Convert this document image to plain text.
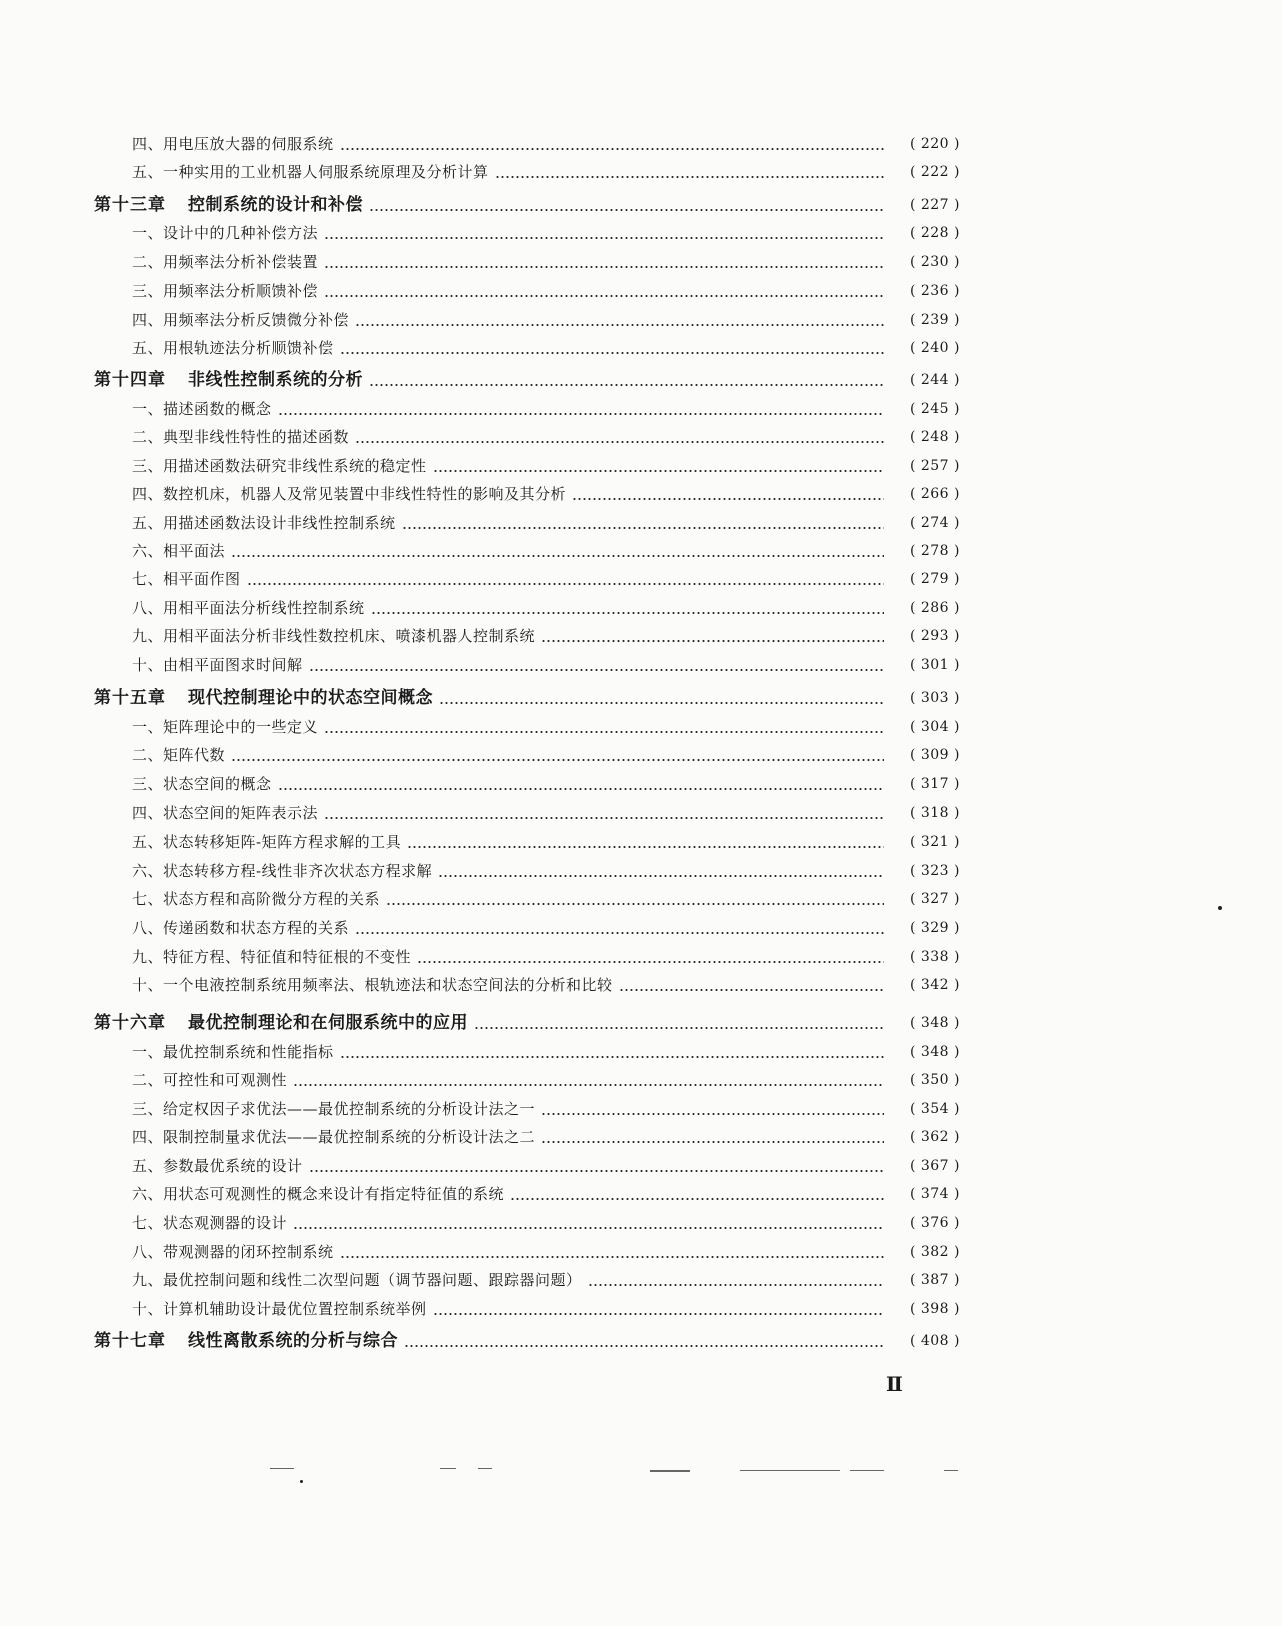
四、用电压放大器的伺服系统	( 220 )
五、一种实用的工业机器人伺服系统原理及分析计算	( 222 )
第十三章 控制系统的设计和补偿	( 227 )
一、设计中的几种补偿方法	( 228 )
二、用频率法分析补偿装置	( 230 )
三、用频率法分析顺馈补偿	( 236 )
四、用频率法分析反馈微分补偿	( 239 )
五、用根轨迹法分析顺馈补偿	( 240 )
第十四章 非线性控制系统的分析	( 244 )
一、描述函数的概念	( 245 )
二、典型非线性特性的描述函数	( 248 )
三、用描述函数法研究非线性系统的稳定性	( 257 )
四、数控机床，机器人及常见装置中非线性特性的影响及其分析	( 266 )
五、用描述函数法设计非线性控制系统	( 274 )
六、相平面法	( 278 )
七、相平面作图	( 279 )
八、用相平面法分析线性控制系统	( 286 )
九、用相平面法分析非线性数控机床、喷漆机器人控制系统	( 293 )
十、由相平面图求时间解	( 301 )
第十五章 现代控制理论中的状态空间概念	( 303 )
一、矩阵理论中的一些定义	( 304 )
二、矩阵代数	( 309 )
三、状态空间的概念	( 317 )
四、状态空间的矩阵表示法	( 318 )
五、状态转移矩阵-矩阵方程求解的工具	( 321 )
六、状态转移方程-线性非齐次状态方程求解	( 323 )
七、状态方程和高阶微分方程的关系	( 327 )
八、传递函数和状态方程的关系	( 329 )
九、特征方程、特征值和特征根的不变性	( 338 )
十、一个电液控制系统用频率法、根轨迹法和状态空间法的分析和比较	( 342 )
第十六章 最优控制理论和在伺服系统中的应用	( 348 )
一、最优控制系统和性能指标	( 348 )
二、可控性和可观测性	( 350 )
三、给定权因子求优法——最优控制系统的分析设计法之一	( 354 )
四、限制控制量求优法——最优控制系统的分析设计法之二	( 362 )
五、参数最优系统的设计	( 367 )
六、用状态可观测性的概念来设计有指定特征值的系统	( 374 )
七、状态观测器的设计	( 376 )
八、带观测器的闭环控制系统	( 382 )
九、最优控制问题和线性二次型问题（调节器问题、跟踪器问题）	( 387 )
十、计算机辅助设计最优位置控制系统举例	( 398 )
第十七章 线性离散系统的分析与综合	( 408 )
Ⅱ
